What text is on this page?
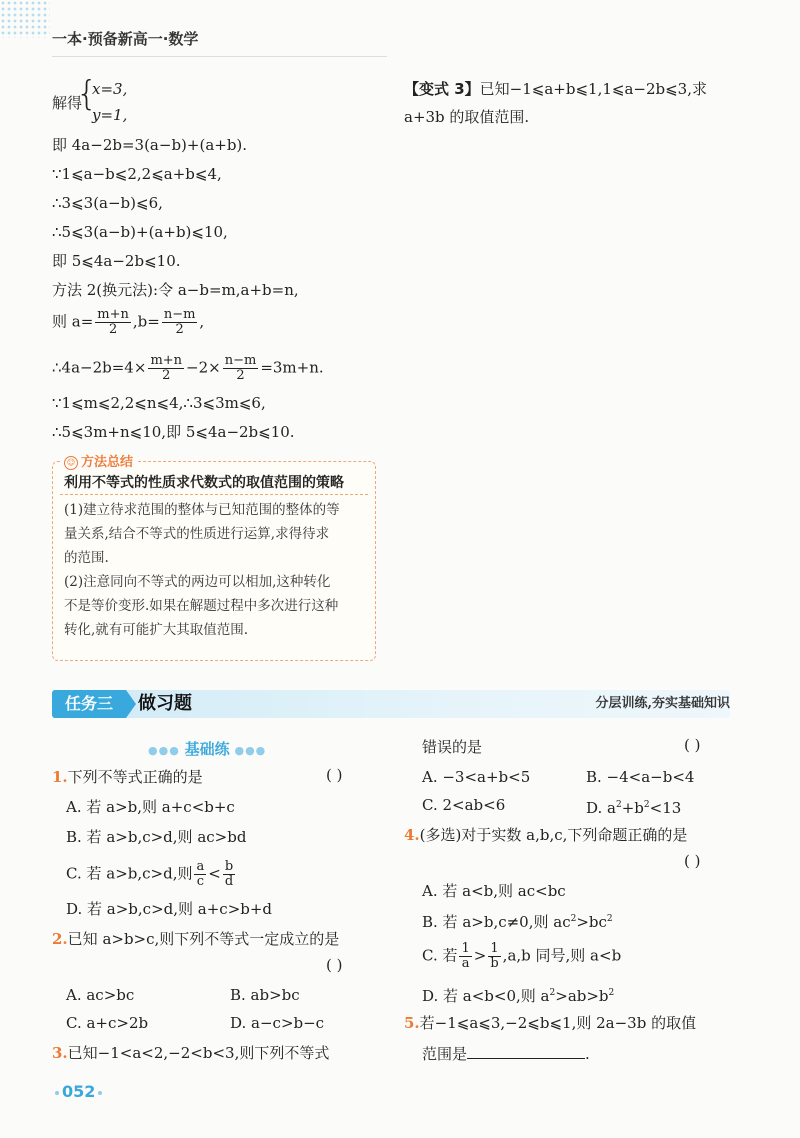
一本·预备新高一·数学
解得
{
x=3,
y=1,
即 4a−2b=3(a−b)+(a+b).
∵1⩽a−b⩽2,2⩽a+b⩽4,
∴3⩽3(a−b)⩽6,
∴5⩽3(a−b)+(a+b)⩽10,
即 5⩽4a−2b⩽10.
方法 2(换元法):令 a−b=m,a+b=n,
则 $a= \frac{m+n}{2} ,b= \frac{n-m}{2}$ ,
∴4a−2b=4× $\frac{m+n}{2} -2\times \frac{n-m}{2} =3m+n$.
∵1⩽m⩽2,2⩽n⩽4,∴3⩽3m⩽6,
∴5⩽3m+n⩽10,即 5⩽4a−2b⩽10.
☺ 方法总结
利用不等式的性质求代数式的取值范围的策略
(1)建立待求范围的整体与已知范围的整体的等
量关系,结合不等式的性质进行运算,求得待求
的范围.
(2)注意同向不等式的两边可以相加,这种转化
不是等价变形.如果在解题过程中多次进行这种
转化,就有可能扩大其取值范围.
【变式 3】已知−1⩽a+b⩽1,1⩽a−2b⩽3,求
a+3b 的取值范围.
任务三	做习题	分层训练,夯实基础知识
●●● 基础练 ●●●
1.下列不等式正确的是	( )
A. 若 a>b,则 a+c<b+c
B. 若 a>b,c>d,则 ac>bd
C. 若 a>b,c>d,则 $\frac{a}{c} < \frac{b}{d}$
D. 若 a>b,c>d,则 a+c>b+d
2.已知 a>b>c,则下列不等式一定成立的是
( )
A. ac>bc	B. ab>bc
C. a+c>2b	D. a−c>b−c
3.已知−1<a<2,−2<b<3,则下列不等式
错误的是	( )
A. −3<a+b<5	B. −4<a−b<4
C. 2<ab<6	D. $a^2+b^2<13$
4.(多选)对于实数 a,b,c,下列命题正确的是
( )
A. 若 a<b,则 ac<bc
B. 若 a>b,c≠0,则 $ac^2>bc^2$
C. 若 $\frac{1}{a} > \frac{1}{b} ,a,b$ 同号,则 a<b
D. 若 a<b<0,则 $a^2>ab>b^2$
5.若−1⩽a⩽3,−2⩽b⩽1,则 2a−3b 的取值
范围是	.
052
